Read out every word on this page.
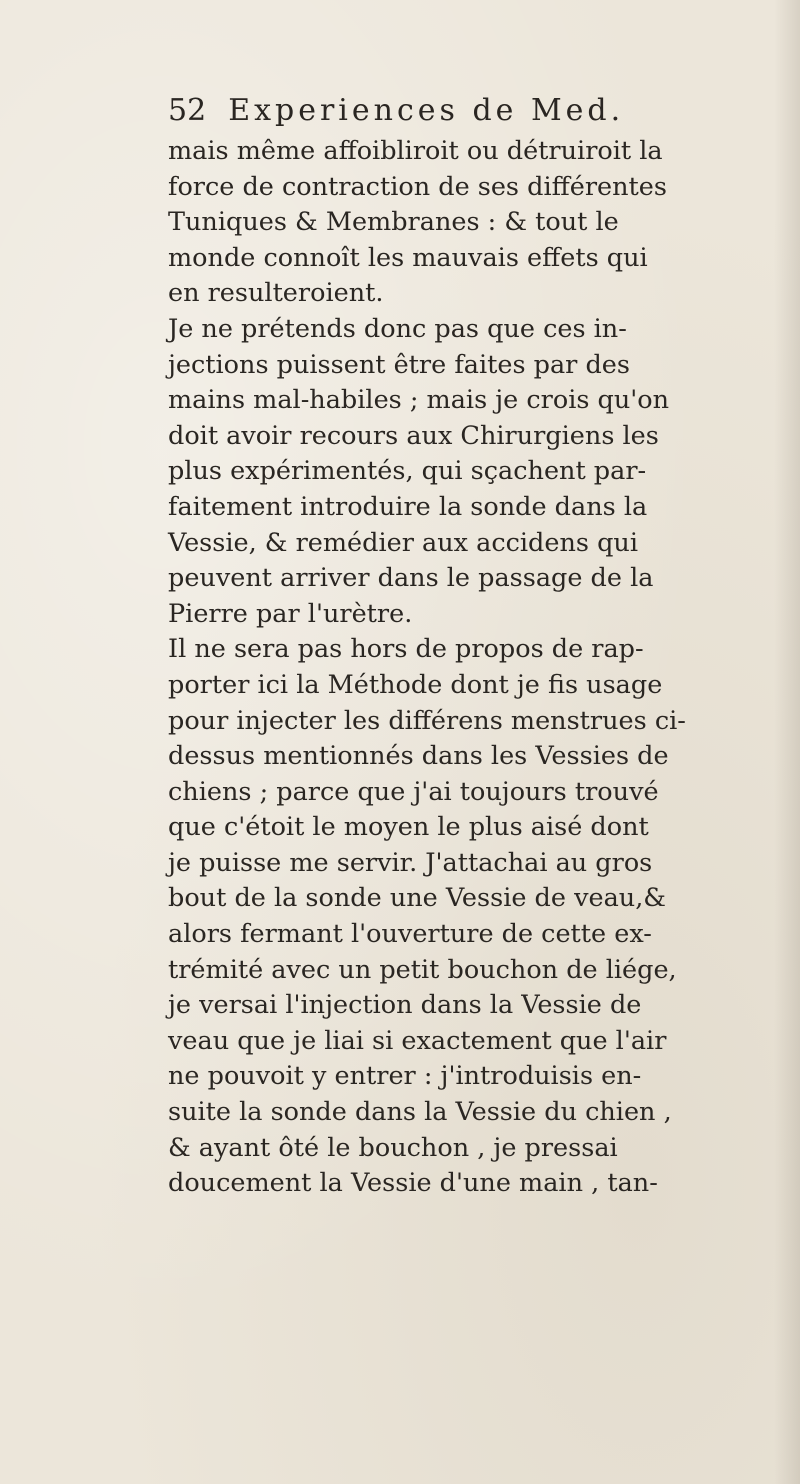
52 Experiences de Med.
mais même affoibliroit ou détruiroit la
force de contraction de ses différentes
Tuniques & Membranes : & tout le
monde connoît les mauvais effets qui
en resulteroient.
Je ne prétends donc pas que ces in-
jections puissent être faites par des
mains mal-habiles ; mais je crois qu'on
doit avoir recours aux Chirurgiens les
plus expérimentés, qui sçachent par-
faitement introduire la sonde dans la
Vessie, & remédier aux accidens qui
peuvent arriver dans le passage de la
Pierre par l'urètre.
Il ne sera pas hors de propos de rap-
porter ici la Méthode dont je fis usage
pour injecter les différens menstrues ci-
dessus mentionnés dans les Vessies de
chiens ; parce que j'ai toujours trouvé
que c'étoit le moyen le plus aisé dont
je puisse me servir. J'attachai au gros
bout de la sonde une Vessie de veau,&
alors fermant l'ouverture de cette ex-
trémité avec un petit bouchon de liége,
je versai l'injection dans la Vessie de
veau que je liai si exactement que l'air
ne pouvoit y entrer : j'introduisis en-
suite la sonde dans la Vessie du chien ,
& ayant ôté le bouchon , je pressai
doucement la Vessie d'une main , tan-
